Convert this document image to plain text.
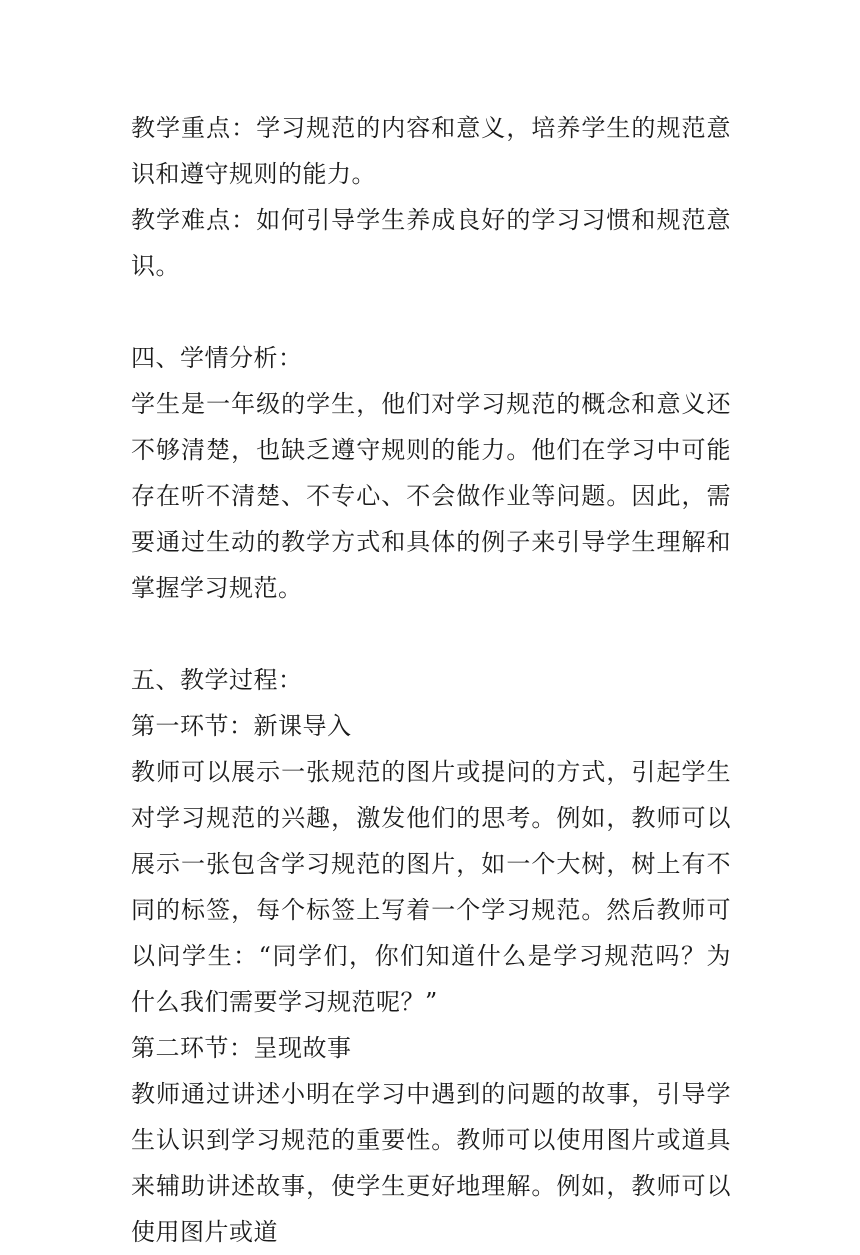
教学重点：学习规范的内容和意义，培养学生的规范意识和遵守规则的能力。

教学难点：如何引导学生养成良好的学习习惯和规范意识。

四、学情分析：

学生是一年级的学生，他们对学习规范的概念和意义还不够清楚，也缺乏遵守规则的能力。他们在学习中可能存在听不清楚、不专心、不会做作业等问题。因此，需要通过生动的教学方式和具体的例子来引导学生理解和掌握学习规范。

五、教学过程：

第一环节：新课导入

教师可以展示一张规范的图片或提问的方式，引起学生对学习规范的兴趣，激发他们的思考。例如，教师可以展示一张包含学习规范的图片，如一个大树，树上有不同的标签，每个标签上写着一个学习规范。然后教师可以问学生：“同学们，你们知道什么是学习规范吗？为什么我们需要学习规范呢？”

第二环节：呈现故事

教师通过讲述小明在学习中遇到的问题的故事，引导学生认识到学习规范的重要性。教师可以使用图片或道具来辅助讲述故事，使学生更好地理解。例如，教师可以使用图片或道
